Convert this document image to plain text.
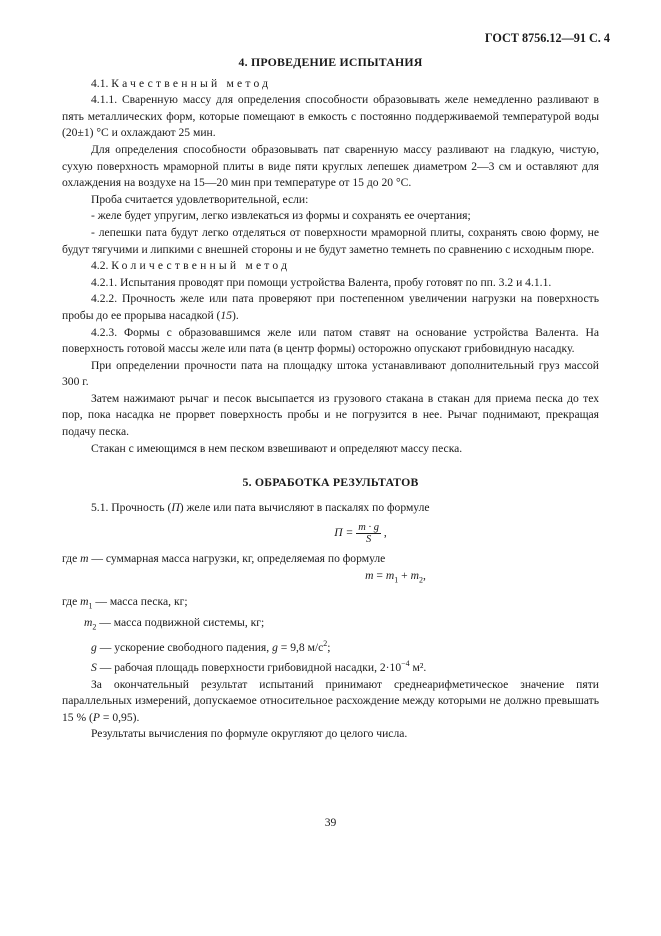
ГОСТ 8756.12—91 С. 4
4. ПРОВЕДЕНИЕ ИСПЫТАНИЯ

4.1. Качественный метод

4.1.1. Сваренную массу для определения способности образовывать желе немедленно разливают в пять металлических форм, которые помещают в емкость с постоянно поддерживаемой температурой воды (20±1) °С и охлаждают 25 мин.

Для определения способности образовывать пат сваренную массу разливают на гладкую, чистую, сухую поверхность мраморной плиты в виде пяти круглых лепешек диаметром 2—3 см и оставляют для охлаждения на воздухе на 15—20 мин при температуре от 15 до 20 °С.

Проба считается удовлетворительной, если:

- желе будет упругим, легко извлекаться из формы и сохранять ее очертания;

- лепешки пата будут легко отделяться от поверхности мраморной плиты, сохранять свою форму, не будут тягучими и липкими с внешней стороны и не будут заметно темнеть по сравнению с исходным пюре.

4.2. Количественный метод

4.2.1. Испытания проводят при помощи устройства Валента, пробу готовят по пп. 3.2 и 4.1.1.

4.2.2. Прочность желе или пата проверяют при постепенном увеличении нагрузки на поверхность пробы до ее прорыва насадкой (15).

4.2.3. Формы с образовавшимся желе или патом ставят на основание устройства Валента. На поверхность готовой массы желе или пата (в центр формы) осторожно опускают грибовидную насадку.

При определении прочности пата на площадку штока устанавливают дополнительный груз массой 300 г.

Затем нажимают рычаг и песок высыпается из грузового стакана в стакан для приема песка до тех пор, пока насадка не прорвет поверхность пробы и не погрузится в нее. Рычаг поднимают, прекращая подачу песка.

Стакан с имеющимся в нем песком взвешивают и определяют массу песка.

5. ОБРАБОТКА РЕЗУЛЬТАТОВ

5.1. Прочность (П) желе или пата вычисляют в паскалях по формуле

$П = \frac{m \cdot g}{S}$ ,

где m — суммарная масса нагрузки, кг, определяемая по формуле

$m = m_1 + m_2$,
где $m_1$ — масса песка, кг;
$m_2$ — масса подвижной системы, кг;
g — ускорение свободного падения, g = 9,8 $м/с^2$;
S — рабочая площадь поверхности грибовидной насадки, $2\cdot 10^{-4}$ м².

За окончательный результат испытаний принимают среднеарифметическое значение пяти параллельных измерений, допускаемое относительное расхождение между которыми не должно превышать 15 % (Р = 0,95).

Результаты вычисления по формуле округляют до целого числа.

39
